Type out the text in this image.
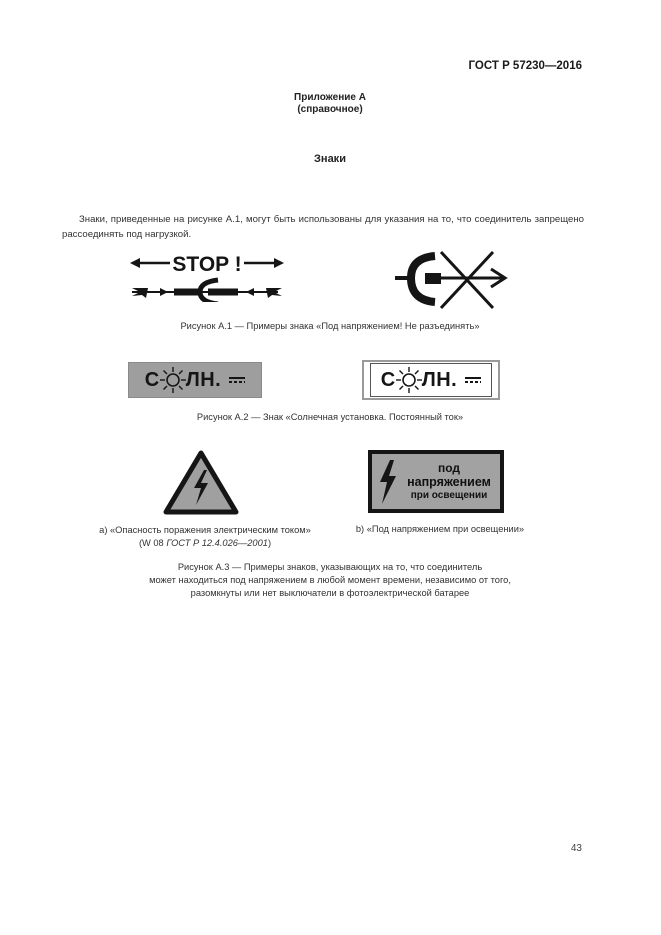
ГОСТ Р 57230—2016
Приложение А
(справочное)
Знаки
Знаки, приведенные на рисунке А.1, могут быть использованы для указания на то, что соединитель запрещено рассоединять под нагрузкой.
STOP !
Рисунок А.1 — Примеры знака «Под напряжением! Не разъединять»
С ЛН.	С ЛН.
Рисунок А.2 — Знак «Солнечная установка. Постоянный ток»
под
напряжением
при освещении
а) «Опасность поражения электрическим током»
(W 08 ГОСТ Р 12.4.026—2001)
b) «Под напряжением при освещении»
Рисунок А.3 — Примеры знаков, указывающих на то, что соединитель
может находиться под напряжением в любой момент времени, независимо от того,
разомкнуты или нет выключатели в фотоэлектрической батарее
43
